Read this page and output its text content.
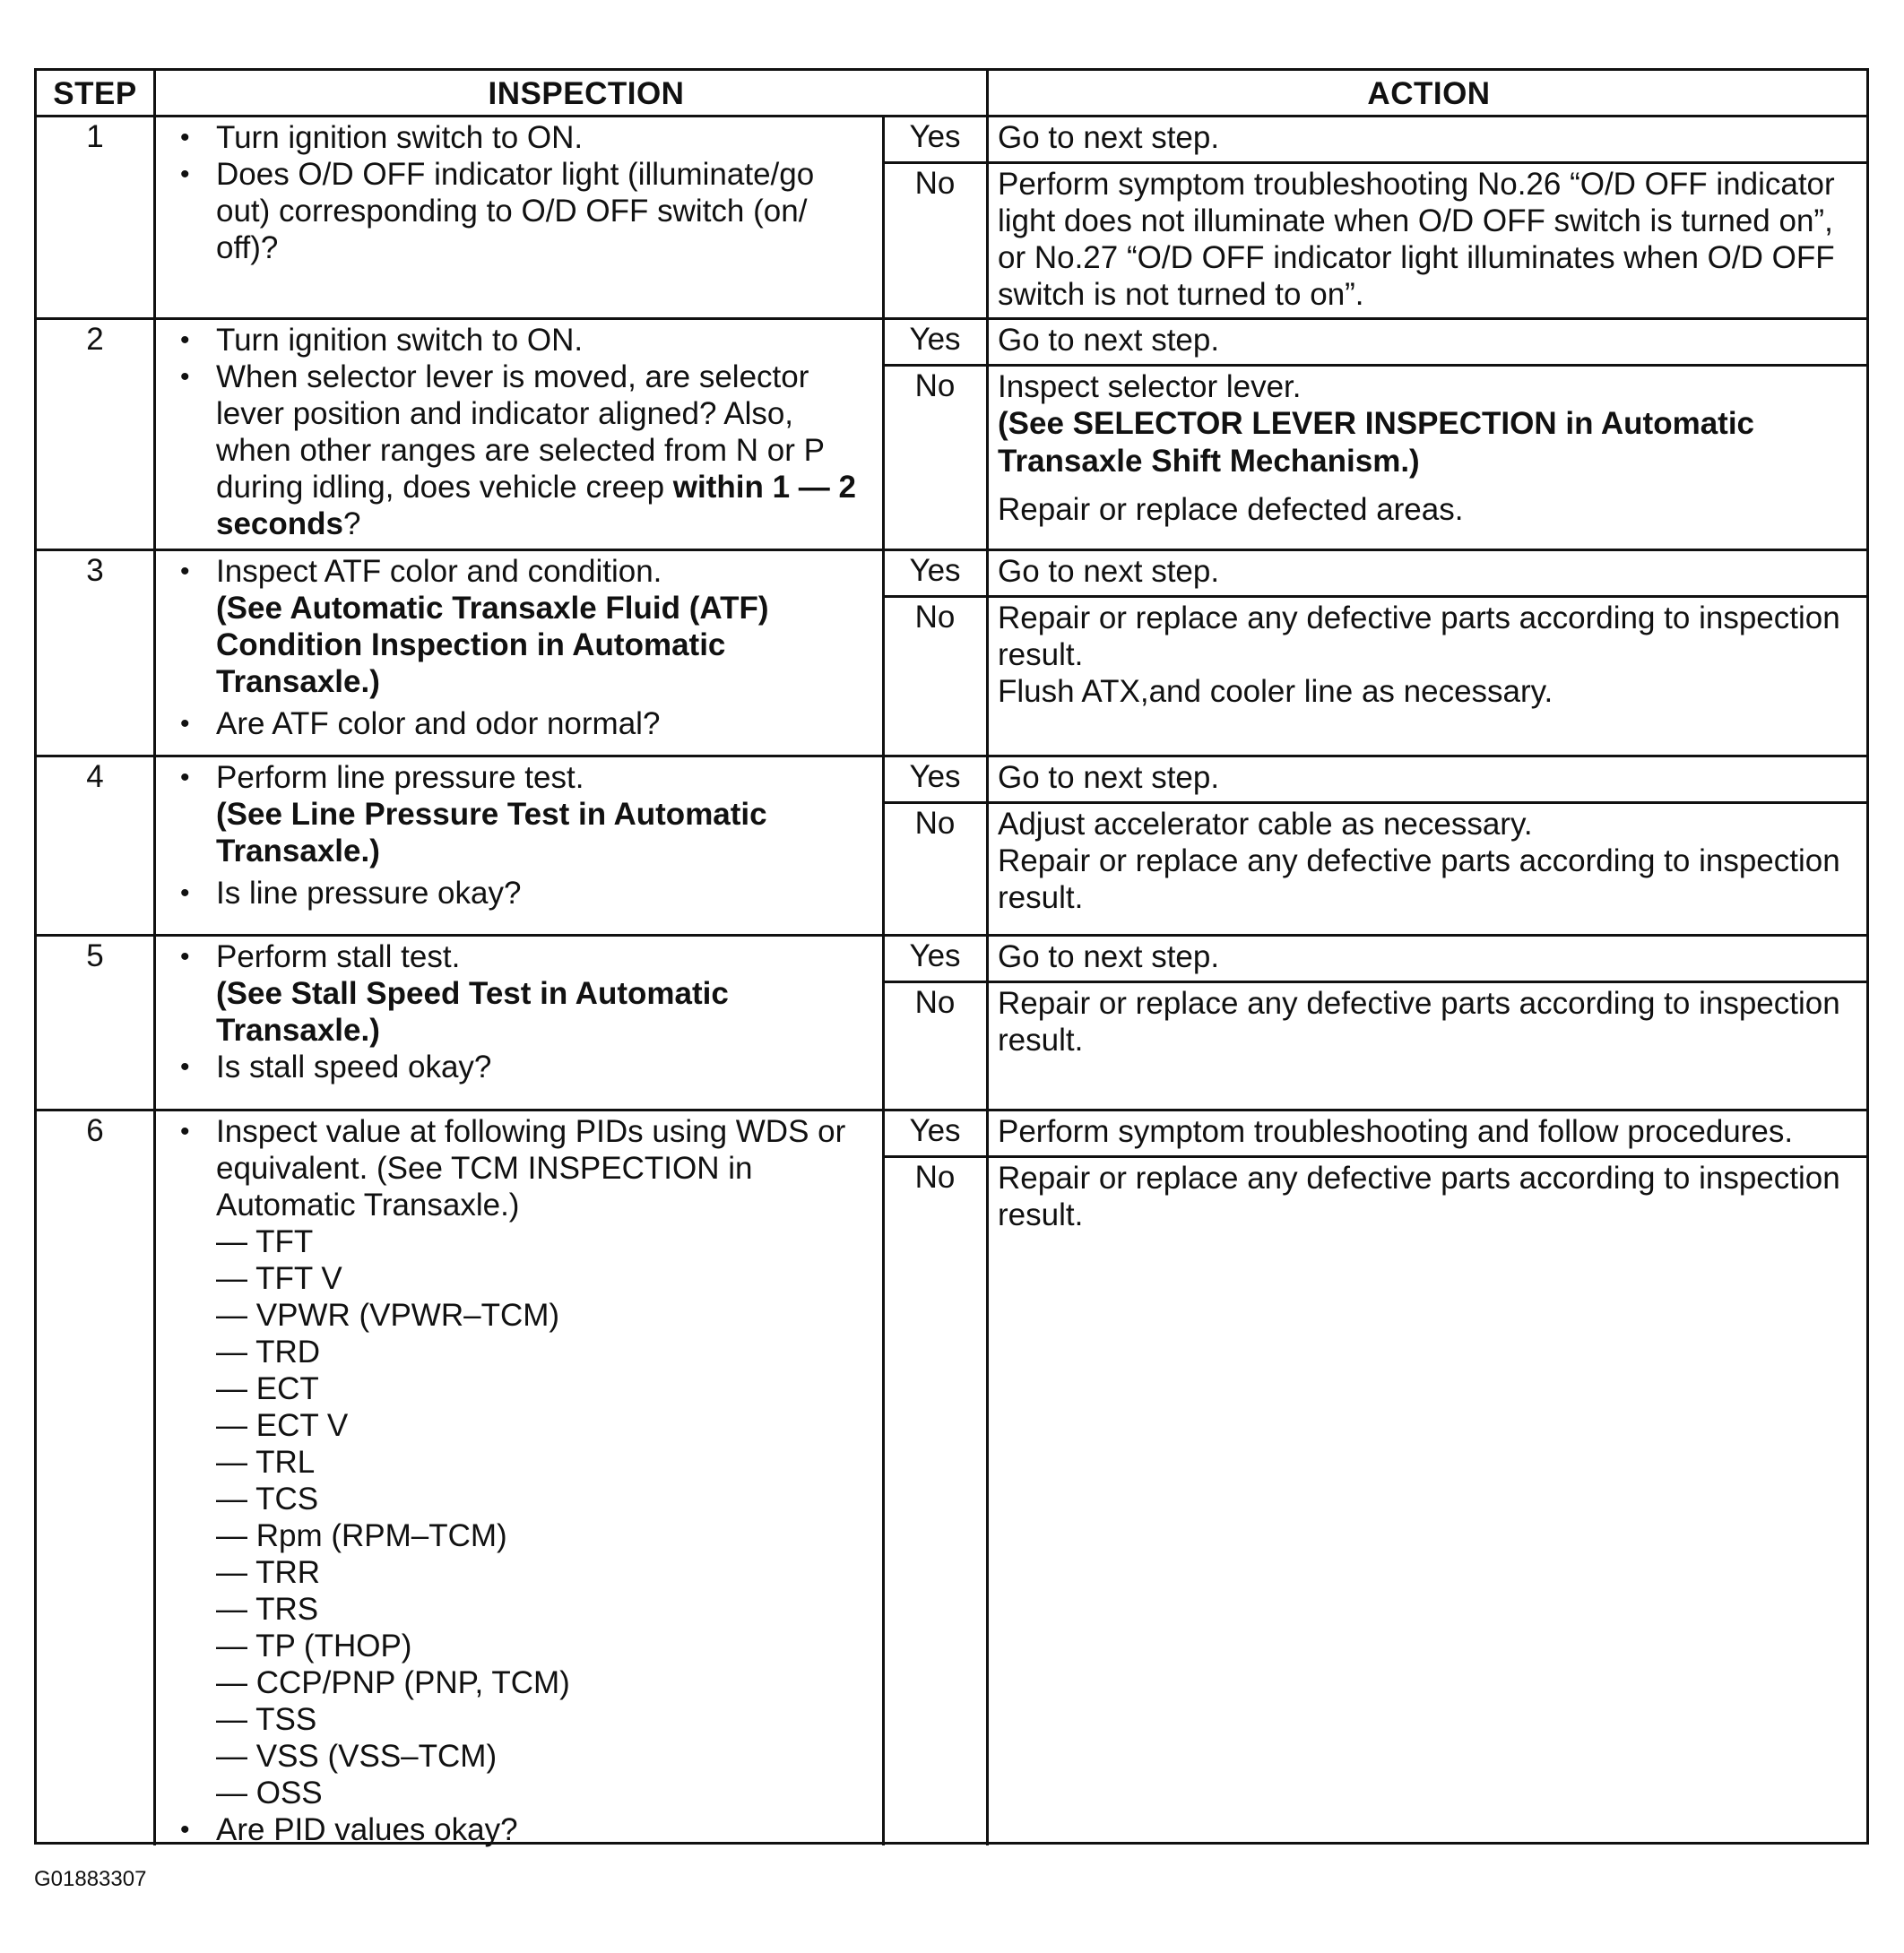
STEP	INSPECTION	ACTION
1	• Turn ignition switch to ON.

• Does O/D OFF indicator light (illuminate/go out) corresponding to O/D OFF switch (on/ off)?

Yes	Go to next step.
No	Perform symptom troubleshooting No.26 “O/D OFF indicator light does not illuminate when O/D OFF switch is turned on”, or No.27 “O/D OFF indicator light illuminates when O/D OFF switch is not turned to on”.

2	• Turn ignition switch to ON.

• When selector lever is moved, are selector lever position and indicator aligned? Also, when other ranges are selected from N or P during idling, does vehicle creep within 1 — 2 seconds?

Yes	Go to next step.
No	Inspect selector lever.

(See SELECTOR LEVER INSPECTION in Automatic Transaxle Shift Mechanism.)

Repair or replace defected areas.

3	• Inspect ATF color and condition.

(See Automatic Transaxle Fluid (ATF) Condition Inspection in Automatic Transaxle.)

• Are ATF color and odor normal?

Yes	Go to next step.
No	Repair or replace any defective parts according to inspection result.

Flush ATX,and cooler line as necessary.

4	• Perform line pressure test.

(See Line Pressure Test in Automatic Transaxle.)

• Is line pressure okay?

Yes	Go to next step.
No	Adjust accelerator cable as necessary.

Repair or replace any defective parts according to inspection result.

5	• Perform stall test.

(See Stall Speed Test in Automatic Transaxle.)

• Is stall speed okay?

Yes	Go to next step.
No	Repair or replace any defective parts according to inspection result.

6	• Inspect value at following PIDs using WDS or equivalent. (See TCM INSPECTION in Automatic Transaxle.)

— TFT

— TFT V

— VPWR (VPWR–TCM)

— TRD

— ECT

— ECT V

— TRL

— TCS

— Rpm (RPM–TCM)

— TRR

— TRS

— TP (THOP)

— CCP/PNP (PNP, TCM)

— TSS

— VSS (VSS–TCM)

— OSS

• Are PID values okay?

Yes	Perform symptom troubleshooting and follow procedures.
No	Repair or replace any defective parts according to inspection result.

G01883307
